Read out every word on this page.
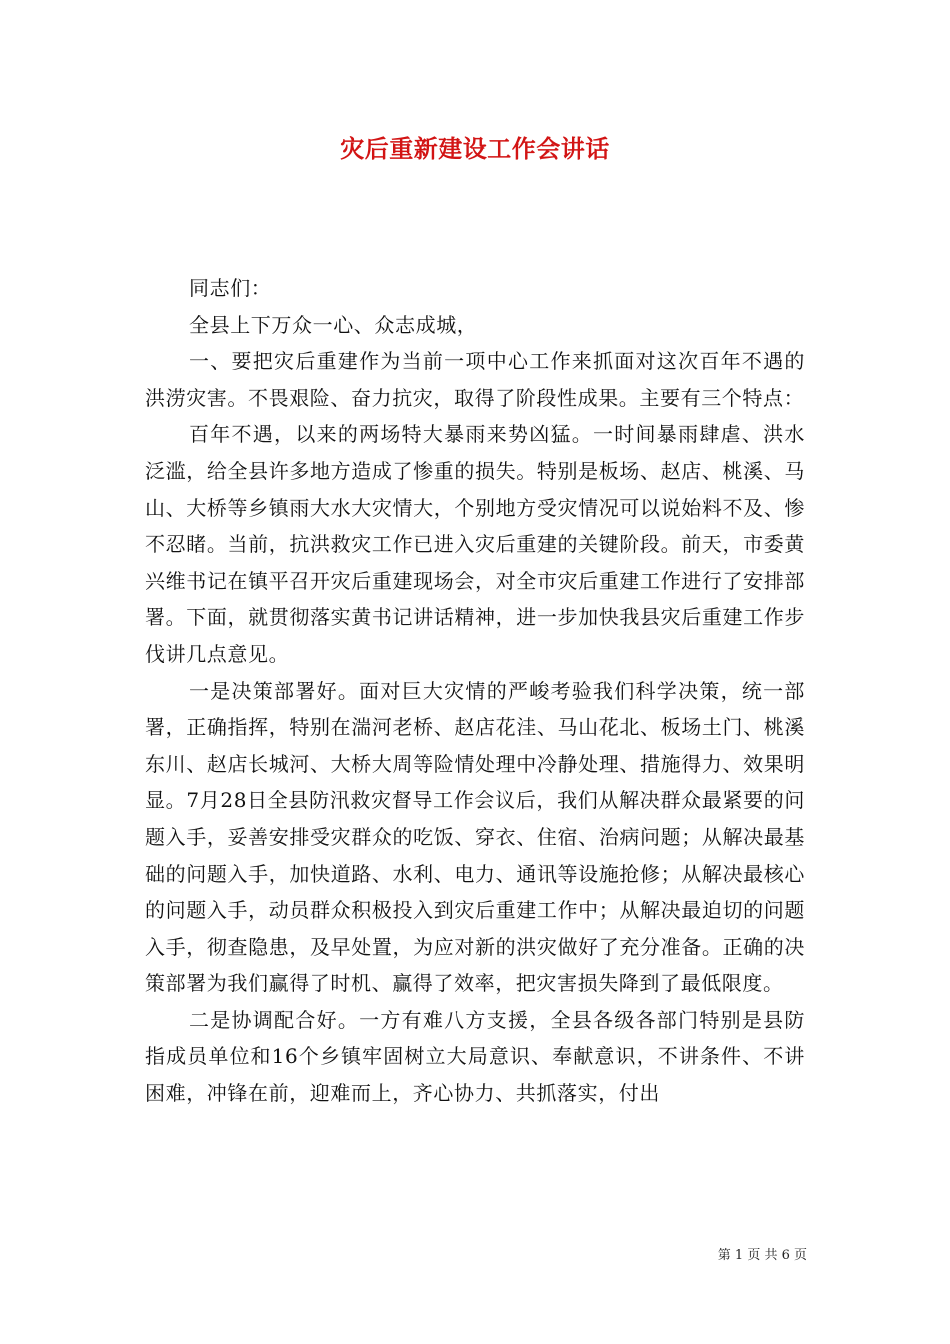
灾后重新建设工作会讲话

同志们：

全县上下万众一心、众志成城，

一、要把灾后重建作为当前一项中心工作来抓面对这次百年不遇的洪涝灾害。不畏艰险、奋力抗灾，取得了阶段性成果。主要有三个特点：

百年不遇，以来的两场特大暴雨来势凶猛。一时间暴雨肆虐、洪水泛滥，给全县许多地方造成了惨重的损失。特别是板场、赵店、桃溪、马山、大桥等乡镇雨大水大灾情大，个别地方受灾情况可以说始料不及、惨不忍睹。当前，抗洪救灾工作已进入灾后重建的关键阶段。前天，市委黄兴维书记在镇平召开灾后重建现场会，对全市灾后重建工作进行了安排部署。下面，就贯彻落实黄书记讲话精神，进一步加快我县灾后重建工作步伐讲几点意见。

一是决策部署好。面对巨大灾情的严峻考验我们科学决策，统一部署，正确指挥，特别在湍河老桥、赵店花洼、马山花北、板场土门、桃溪东川、赵店长城河、大桥大周等险情处理中冷静处理、措施得力、效果明显。7月28日全县防汛救灾督导工作会议后，我们从解决群众最紧要的问题入手，妥善安排受灾群众的吃饭、穿衣、住宿、治病问题；从解决最基础的问题入手，加快道路、水利、电力、通讯等设施抢修；从解决最核心的问题入手，动员群众积极投入到灾后重建工作中；从解决最迫切的问题入手，彻查隐患，及早处置，为应对新的洪灾做好了充分准备。正确的决策部署为我们赢得了时机、赢得了效率，把灾害损失降到了最低限度。

二是协调配合好。一方有难八方支援，全县各级各部门特别是县防指成员单位和16个乡镇牢固树立大局意识、奉献意识，不讲条件、不讲困难，冲锋在前，迎难而上，齐心协力、共抓落实，付出

第 1 页 共 6 页
